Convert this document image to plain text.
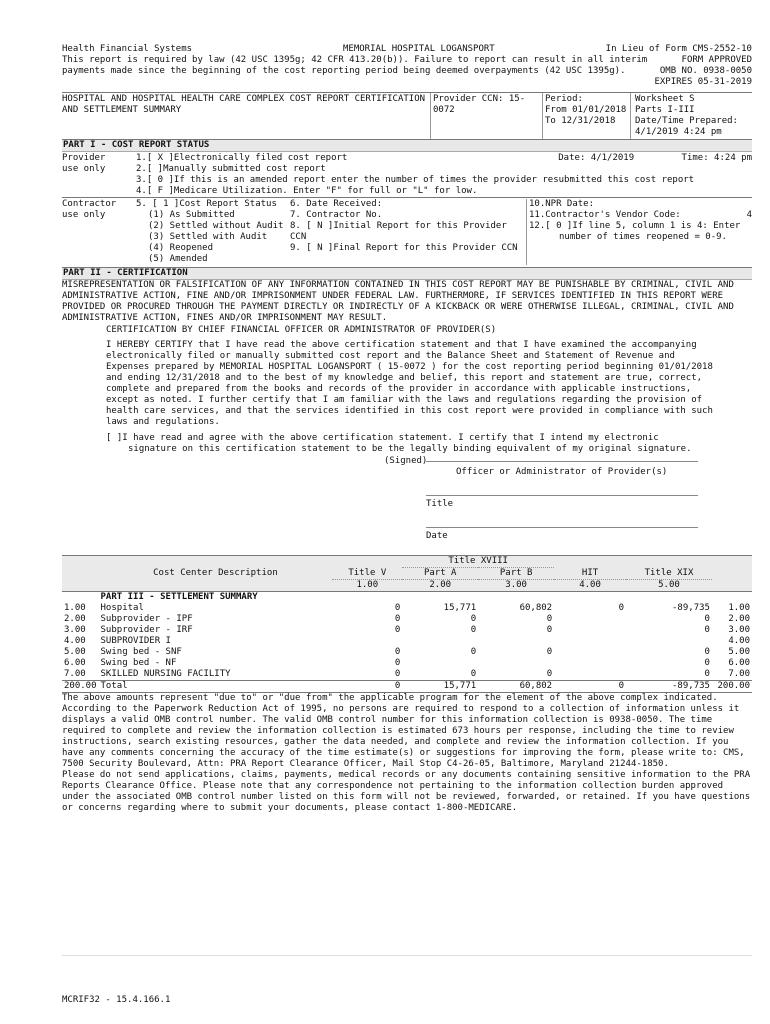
Health Financial Systems	MEMORIAL HOSPITAL LOGANSPORT	In Lieu of Form CMS-2552-10
This report is required by law (42 USC 1395g; 42 CFR 413.20(b)). Failure to report can result in all interim	FORM APPROVED
payments made since the beginning of the cost reporting period being deemed overpayments (42 USC 1395g).	OMB NO. 0938-0050
EXPIRES 05-31-2019
HOSPITAL AND HOSPITAL HEALTH CARE COMPLEX COST REPORT CERTIFICATION
AND SETTLEMENT SUMMARY
Provider CCN: 15-0072
Period:
From 01/01/2018
To 12/31/2018
Worksheet S
Parts I-III
Date/Time Prepared:
4/1/2019 4:24 pm
PART I - COST REPORT STATUS
Provider
use only
1.[ X ]Electronically filed cost report	Date: 4/1/2019	Time: 4:24 pm
2.[ ]Manually submitted cost report
3.[ 0 ]If this is an amended report enter the number of times the provider resubmitted this cost report
4.[ F ]Medicare Utilization. Enter "F" for full or "L" for low.
Contractor
use only
5. [ 1 ]Cost Report Status
(1) As Submitted
(2) Settled without Audit
(3) Settled with Audit
(4) Reopened
(5) Amended
6. Date Received:
7. Contractor No.
8. [ N ]Initial Report for this Provider CCN
9. [ N ]Final Report for this Provider CCN
10.NPR Date:
11.Contractor's Vendor Code:	4
12.[ 0 ]If line 5, column 1 is 4: Enter
number of times reopened = 0-9.
PART II - CERTIFICATION
MISREPRESENTATION OR FALSIFICATION OF ANY INFORMATION CONTAINED IN THIS COST REPORT MAY BE PUNISHABLE BY CRIMINAL, CIVIL AND
ADMINISTRATIVE ACTION, FINE AND/OR IMPRISONMENT UNDER FEDERAL LAW. FURTHERMORE, IF SERVICES IDENTIFIED IN THIS REPORT WERE
PROVIDED OR PROCURED THROUGH THE PAYMENT DIRECTLY OR INDIRECTLY OF A KICKBACK OR WERE OTHERWISE ILLEGAL, CRIMINAL, CIVIL AND
ADMINISTRATIVE ACTION, FINES AND/OR IMPRISONMENT MAY RESULT.
CERTIFICATION BY CHIEF FINANCIAL OFFICER OR ADMINISTRATOR OF PROVIDER(S)
I HEREBY CERTIFY that I have read the above certification statement and that I have examined the accompanying
electronically filed or manually submitted cost report and the Balance Sheet and Statement of Revenue and
Expenses prepared by MEMORIAL HOSPITAL LOGANSPORT ( 15-0072 ) for the cost reporting period beginning 01/01/2018
and ending 12/31/2018 and to the best of my knowledge and belief, this report and statement are true, correct,
complete and prepared from the books and records of the provider in accordance with applicable instructions,
except as noted. I further certify that I am familiar with the laws and regulations regarding the provision of
health care services, and that the services identified in this cost report were provided in compliance with such
laws and regulations.
[ ]I have read and agree with the above certification statement. I certify that I intend my electronic
signature on this certification statement to be the legally binding equivalent of my original signature.
(Signed)
Officer or Administrator of Provider(s)
Title
Date
			Title XVIII				
	Cost Center Description	Title V	Part A	Part B	HIT	Title XIX	
		1.00	2.00	3.00	4.00	5.00	
	PART III - SETTLEMENT SUMMARY						
1.00	Hospital	0	15,771	60,802	0	-89,735	1.00
2.00	Subprovider - IPF	0	0	0		0	2.00
3.00	Subprovider - IRF	0	0	0		0	3.00
4.00	SUBPROVIDER I						4.00
5.00	Swing bed - SNF	0	0	0		0	5.00
6.00	Swing bed - NF	0				0	6.00
7.00	SKILLED NURSING FACILITY	0	0	0		0	7.00
200.00	Total	0	15,771	60,802	0	-89,735	200.00
The above amounts represent "due to" or "due from" the applicable program for the element of the above complex indicated.
According to the Paperwork Reduction Act of 1995, no persons are required to respond to a collection of information unless it
displays a valid OMB control number. The valid OMB control number for this information collection is 0938-0050. The time
required to complete and review the information collection is estimated 673 hours per response, including the time to review
instructions, search existing resources, gather the data needed, and complete and review the information collection. If you
have any comments concerning the accuracy of the time estimate(s) or suggestions for improving the form, please write to: CMS,
7500 Security Boulevard, Attn: PRA Report Clearance Officer, Mail Stop C4-26-05, Baltimore, Maryland 21244-1850.
Please do not send applications, claims, payments, medical records or any documents containing sensitive information to the PRA
Reports Clearance Office. Please note that any correspondence not pertaining to the information collection burden approved
under the associated OMB control number listed on this form will not be reviewed, forwarded, or retained. If you have questions
or concerns regarding where to submit your documents, please contact 1-800-MEDICARE.
MCRIF32 - 15.4.166.1
